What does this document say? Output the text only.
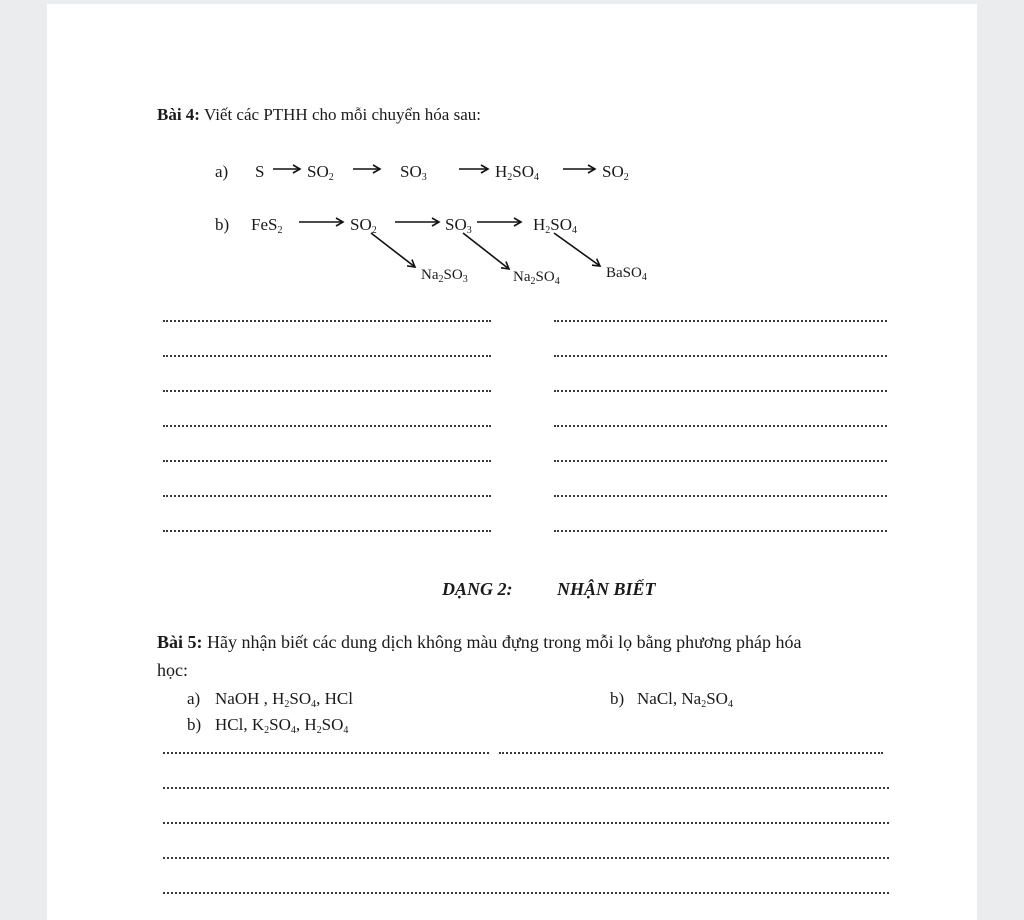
Bài 4: Viết các PTHH cho mỗi chuyển hóa sau:
a) S	$SO_2$	$SO_3$	$H_2SO_4$	$SO_2$
b) FeS$_2$	$SO_2$	$SO_3$	$H_2SO_4$
$Na_2SO_3$	$Na_2SO_4$
BaSO$_4$
DẠNG 2: NHẬN BIẾT
Bài 5: Hãy nhận biết các dung dịch không màu đựng trong mỗi lọ bằng phương pháp hóa
học:
a) NaOH , $H_2SO_4$, HCl	b) NaCl, $Na_2SO_4$
b) HCl, $K_2SO_4$, $H_2SO_4$
